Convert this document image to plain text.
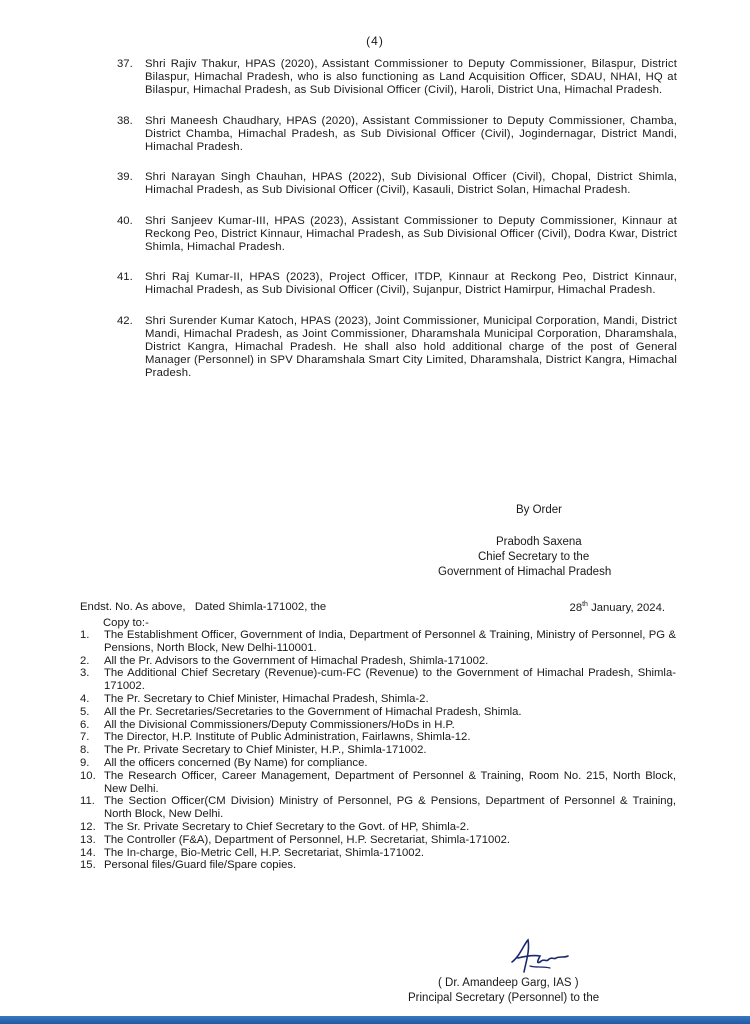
(4)
37.	Shri Rajiv Thakur, HPAS (2020), Assistant Commissioner to Deputy Commissioner, Bilaspur, District Bilaspur, Himachal Pradesh, who is also functioning as Land Acquisition Officer, SDAU, NHAI, HQ at Bilaspur, Himachal Pradesh, as Sub Divisional Officer (Civil), Haroli, District Una, Himachal Pradesh.
38.	Shri Maneesh Chaudhary, HPAS (2020), Assistant Commissioner to Deputy Commissioner, Chamba, District Chamba, Himachal Pradesh, as Sub Divisional Officer (Civil), Jogindernagar, District Mandi, Himachal Pradesh.
39.	Shri Narayan Singh Chauhan, HPAS (2022), Sub Divisional Officer (Civil), Chopal, District Shimla, Himachal Pradesh, as Sub Divisional Officer (Civil), Kasauli, District Solan, Himachal Pradesh.
40.	Shri Sanjeev Kumar-III, HPAS (2023), Assistant Commissioner to Deputy Commissioner, Kinnaur at Reckong Peo, District Kinnaur, Himachal Pradesh, as Sub Divisional Officer (Civil), Dodra Kwar, District Shimla, Himachal Pradesh.
41.	Shri Raj Kumar-II, HPAS (2023), Project Officer, ITDP, Kinnaur at Reckong Peo, District Kinnaur, Himachal Pradesh, as Sub Divisional Officer (Civil), Sujanpur, District Hamirpur, Himachal Pradesh.
42.	Shri Surender Kumar Katoch, HPAS (2023), Joint Commissioner, Municipal Corporation, Mandi, District Mandi, Himachal Pradesh, as Joint Commissioner, Dharamshala Municipal Corporation, Dharamshala, District Kangra, Himachal Pradesh. He shall also hold additional charge of the post of General Manager (Personnel) in SPV Dharamshala Smart City Limited, Dharamshala, District Kangra, Himachal Pradesh.
By Order
Prabodh Saxena
Chief Secretary to the
Government of Himachal Pradesh
Endst. No. As above,   Dated Shimla-171002, the	28th January, 2024.
Copy to:-
1.	The Establishment Officer, Government of India, Department of Personnel & Training, Ministry of Personnel, PG & Pensions, North Block, New Delhi-110001.
2.	All the Pr. Advisors to the Government of Himachal Pradesh, Shimla-171002.
3.	The Additional Chief Secretary (Revenue)-cum-FC (Revenue) to the Government of Himachal Pradesh, Shimla-171002.
4.	The Pr. Secretary to Chief Minister, Himachal Pradesh, Shimla-2.
5.	All the Pr. Secretaries/Secretaries to the Government of Himachal Pradesh, Shimla.
6.	All the Divisional Commissioners/Deputy Commissioners/HoDs in H.P.
7.	The Director, H.P. Institute of Public Administration, Fairlawns, Shimla-12.
8.	The Pr. Private Secretary to Chief Minister, H.P., Shimla-171002.
9.	All the officers concerned (By Name) for compliance.
10. The Research Officer, Career Management, Department of Personnel & Training, Room No. 215, North Block, New Delhi.
11. The Section Officer(CM Division) Ministry of Personnel, PG & Pensions, Department of Personnel & Training, North Block, New Delhi.
12. The Sr. Private Secretary to Chief Secretary to the Govt. of HP, Shimla-2.
13. The Controller (F&A), Department of Personnel, H.P. Secretariat, Shimla-171002.
14. The In-charge, Bio-Metric Cell, H.P. Secretariat, Shimla-171002.
15. Personal files/Guard file/Spare copies.
( Dr. Amandeep Garg, IAS )
Principal Secretary (Personnel) to the
